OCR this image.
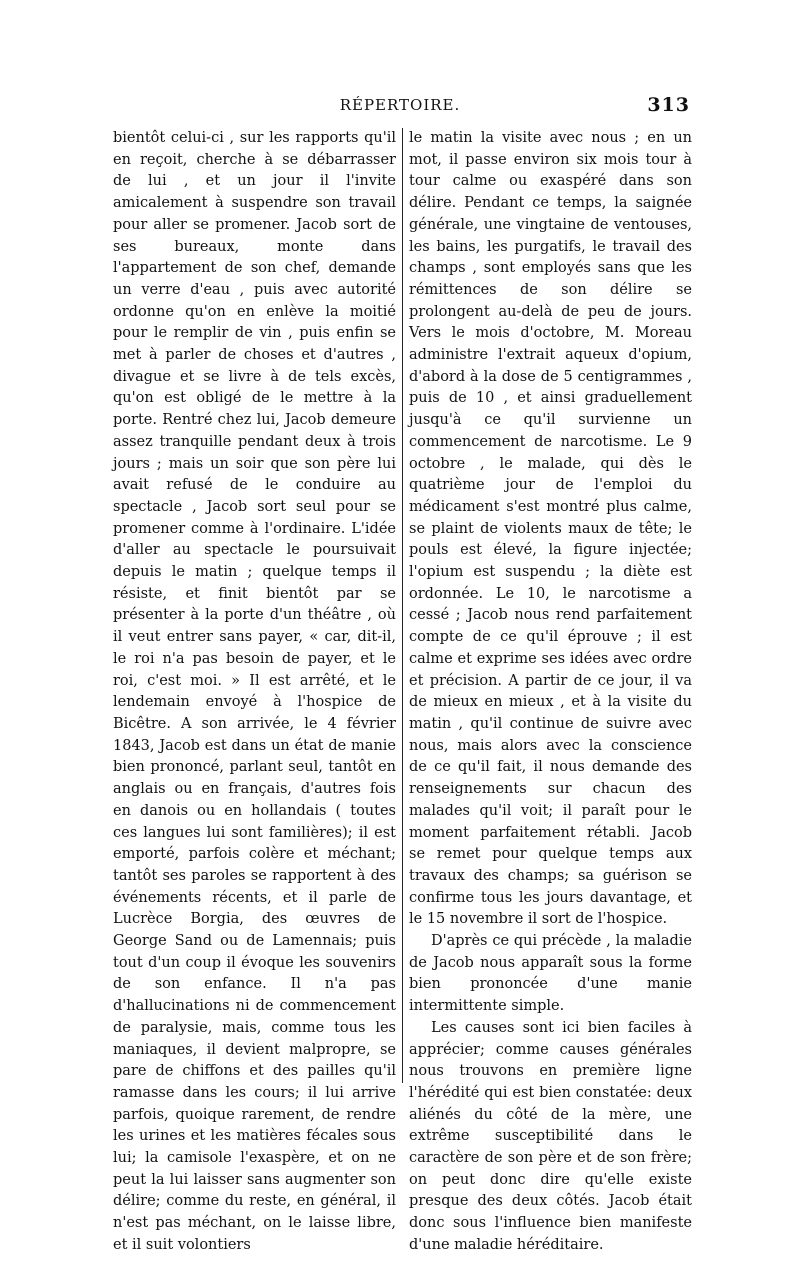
RÉPERTOIRE.	313

bientôt celui-ci , sur les rapports qu'il en reçoit, cherche à se débarrasser de lui , et un jour il l'invite amicalement à suspendre son travail pour aller se promener. Jacob sort de ses bureaux, monte dans l'appartement de son chef, demande un verre d'eau , puis avec autorité ordonne qu'on en enlève la moitié pour le remplir de vin , puis enfin se met à parler de choses et d'autres , divague et se livre à de tels excès, qu'on est obligé de le mettre à la porte. Rentré chez lui, Jacob demeure assez tranquille pendant deux à trois jours ; mais un soir que son père lui avait refusé de le conduire au spectacle , Jacob sort seul pour se promener comme à l'ordinaire. L'idée d'aller au spectacle le poursuivait depuis le matin ; quelque temps il résiste, et finit bientôt par se présenter à la porte d'un théâtre , où il veut entrer sans payer, « car, dit-il, le roi n'a pas besoin de payer, et le roi, c'est moi. » Il est arrêté, et le lendemain envoyé à l'hospice de Bicêtre. A son arrivée, le 4 février 1843, Jacob est dans un état de manie bien prononcé, parlant seul, tantôt en anglais ou en français, d'autres fois en danois ou en hollandais ( toutes ces langues lui sont familières); il est emporté, parfois colère et méchant; tantôt ses paroles se rapportent à des événements récents, et il parle de Lucrèce Borgia, des œuvres de George Sand ou de Lamennais; puis tout d'un coup il évoque les souvenirs de son enfance. Il n'a pas d'hallucinations ni de commencement de paralysie, mais, comme tous les maniaques, il devient malpropre, se pare de chiffons et des pailles qu'il ramasse dans les cours; il lui arrive parfois, quoique rarement, de rendre les urines et les matières fécales sous lui; la camisole l'exaspère, et on ne peut la lui laisser sans augmenter son délire; comme du reste, en général, il n'est pas méchant, on le laisse libre, et il suit volontiers

le matin la visite avec nous ; en un mot, il passe environ six mois tour à tour calme ou exaspéré dans son délire. Pendant ce temps, la saignée générale, une vingtaine de ventouses, les bains, les purgatifs, le travail des champs , sont employés sans que les rémittences de son délire se prolongent au-delà de peu de jours. Vers le mois d'octobre, M. Moreau administre l'extrait aqueux d'opium, d'abord à la dose de 5 centigrammes , puis de 10 , et ainsi graduellement jusqu'à ce qu'il survienne un commencement de narcotisme. Le 9 octobre , le malade, qui dès le quatrième jour de l'emploi du médicament s'est montré plus calme, se plaint de violents maux de tête; le pouls est élevé, la figure injectée; l'opium est suspendu ; la diète est ordonnée. Le 10, le narcotisme a cessé ; Jacob nous rend parfaitement compte de ce qu'il éprouve ; il est calme et exprime ses idées avec ordre et précision. A partir de ce jour, il va de mieux en mieux , et à la visite du matin , qu'il continue de suivre avec nous, mais alors avec la conscience de ce qu'il fait, il nous demande des renseignements sur chacun des malades qu'il voit; il paraît pour le moment parfaitement rétabli. Jacob se remet pour quelque temps aux travaux des champs; sa guérison se confirme tous les jours davantage, et le 15 novembre il sort de l'hospice.

D'après ce qui précède , la maladie de Jacob nous apparaît sous la forme bien prononcée d'une manie intermittente simple.

Les causes sont ici bien faciles à apprécier; comme causes générales nous trouvons en première ligne l'hérédité qui est bien constatée: deux aliénés du côté de la mère, une extrême susceptibilité dans le caractère de son père et de son frère; on peut donc dire qu'elle existe presque des deux côtés. Jacob était donc sous l'influence bien manifeste d'une maladie héréditaire.
